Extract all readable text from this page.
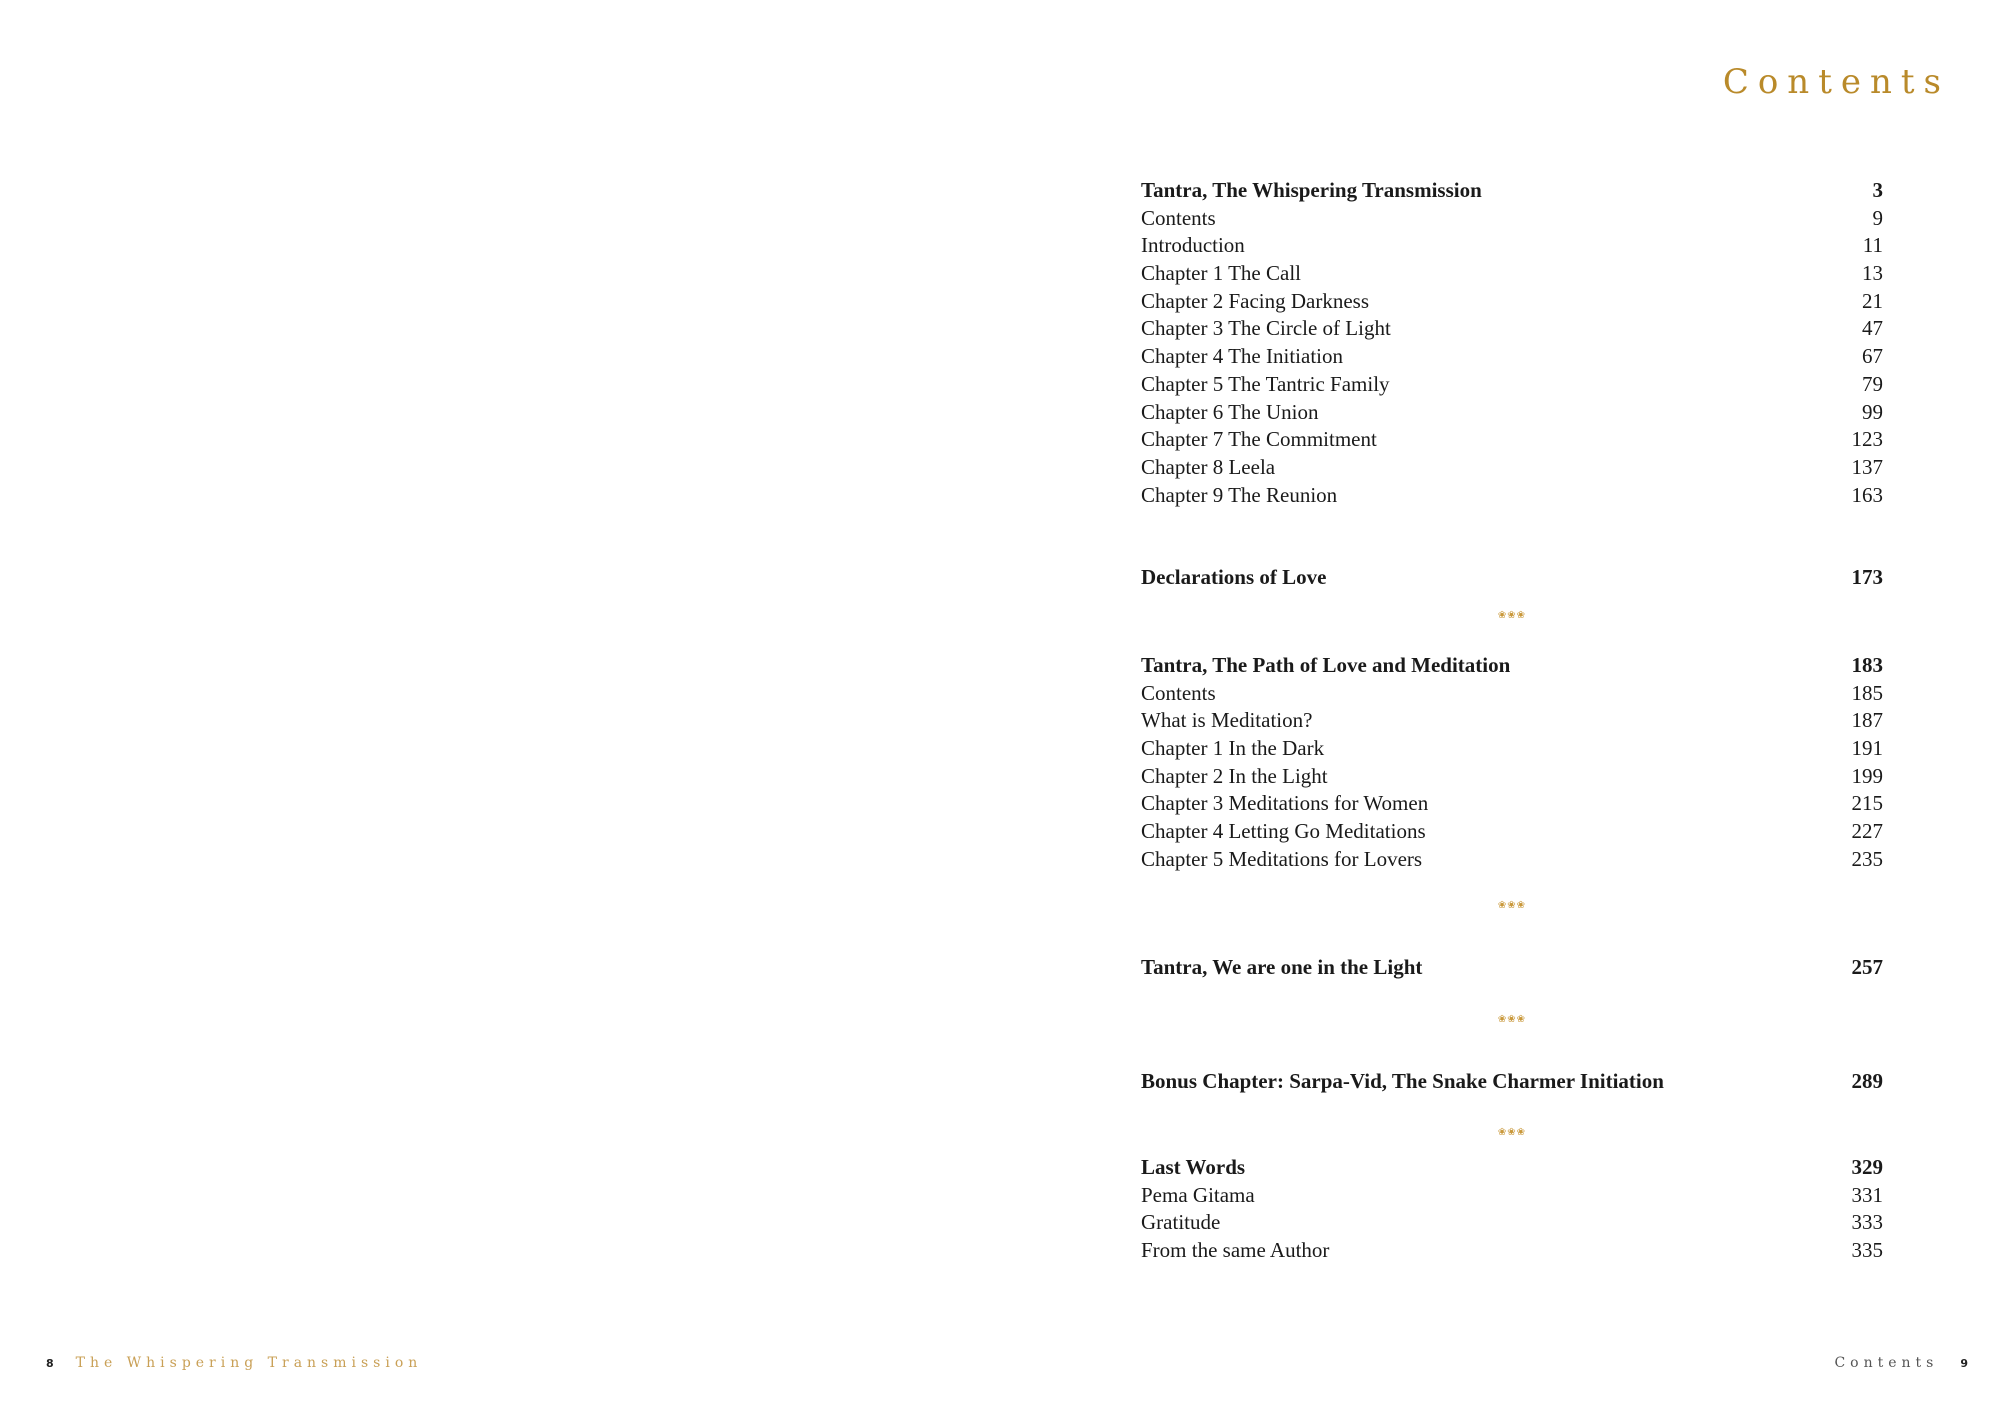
Contents
Tantra, The Whispering Transmission	3
Contents	9
Introduction	11
Chapter 1 The Call	13
Chapter 2 Facing Darkness	21
Chapter 3 The Circle of Light	47
Chapter 4 The Initiation	67
Chapter 5 The Tantric Family	79
Chapter 6 The Union	99
Chapter 7 The Commitment	123
Chapter 8 Leela	137
Chapter 9 The Reunion	163
Declarations of Love	173
❀❀❀
Tantra, The Path of Love and Meditation	183
Contents	185
What is Meditation?	187
Chapter 1 In the Dark	191
Chapter 2 In the Light	199
Chapter 3 Meditations for Women	215
Chapter 4 Letting Go Meditations	227
Chapter 5 Meditations for Lovers	235
❀❀❀
Tantra, We are one in the Light	257
❀❀❀
Bonus Chapter: Sarpa-Vid, The Snake Charmer Initiation	289
❀❀❀
Last Words	329
Pema Gitama	331
Gratitude	333
From the same Author	335
8 The Whispering Transmission	Contents 9
